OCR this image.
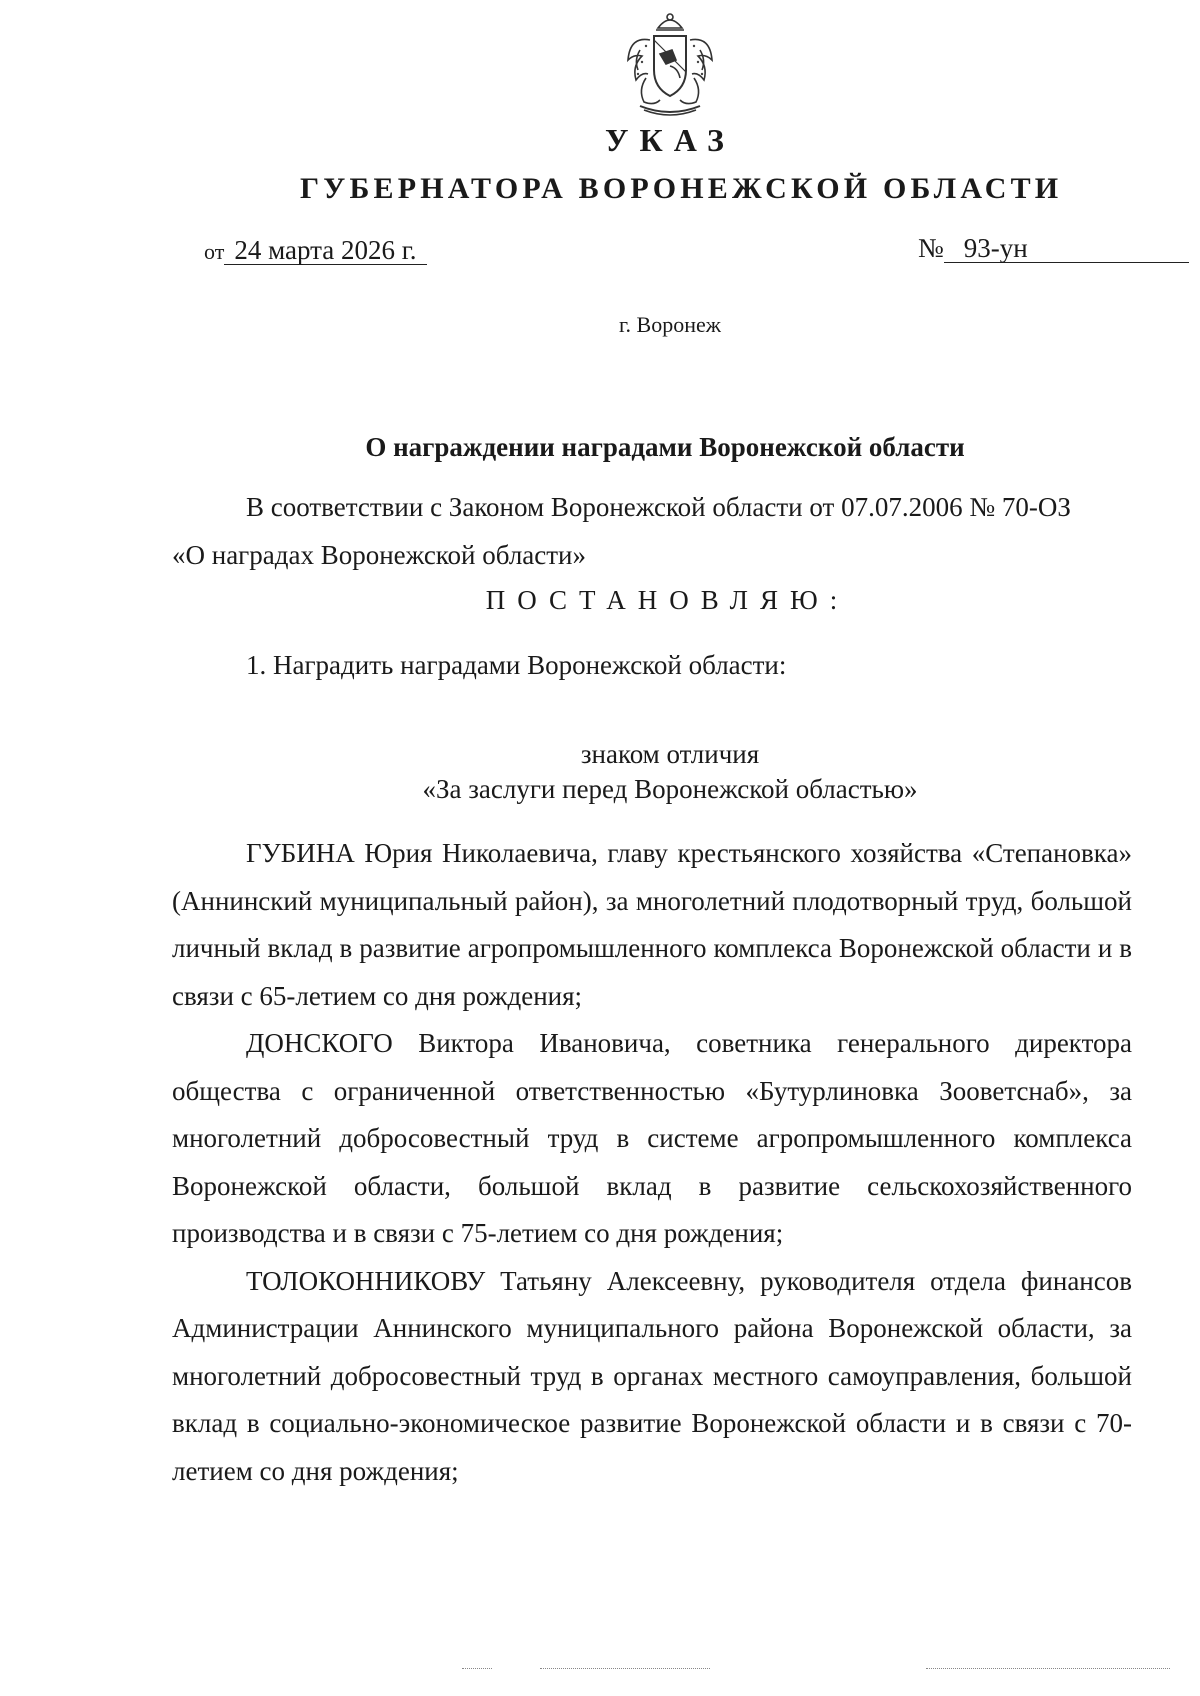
УКАЗ
ГУБЕРНАТОРА ВОРОНЕЖСКОЙ ОБЛАСТИ
от 24 марта 2026 г.	№ 93-ун
г. Воронеж
О награждении наградами Воронежской области

В соответствии с Законом Воронежской области от 07.07.2006 № 70-ОЗ

«О наградах Воронежской области»

ПОСТАНОВЛЯЮ:
1. Наградить наградами Воронежской области:
знаком отличия
«За заслуги перед Воронежской областью»

ГУБИНА Юрия Николаевича, главу крестьянского хозяйства «Степановка» (Аннинский муниципальный район), за многолетний плодотворный труд, большой личный вклад в развитие агропромышленного комплекса Воронежской области и в связи с 65-летием со дня рождения;

ДОНСКОГО Виктора Ивановича, советника генерального директора общества с ограниченной ответственностью «Бутурлиновка Зооветснаб», за многолетний добросовестный труд в системе агропромышленного комплекса Воронежской области, большой вклад в развитие сельскохозяйственного производства и в связи с 75-летием со дня рождения;

ТОЛОКОННИКОВУ Татьяну Алексеевну, руководителя отдела финансов Администрации Аннинского муниципального района Воронежской области, за многолетний добросовестный труд в органах местного самоуправления, большой вклад в социально-экономическое развитие Воронежской области и в связи с 70-летием со дня рождения;
